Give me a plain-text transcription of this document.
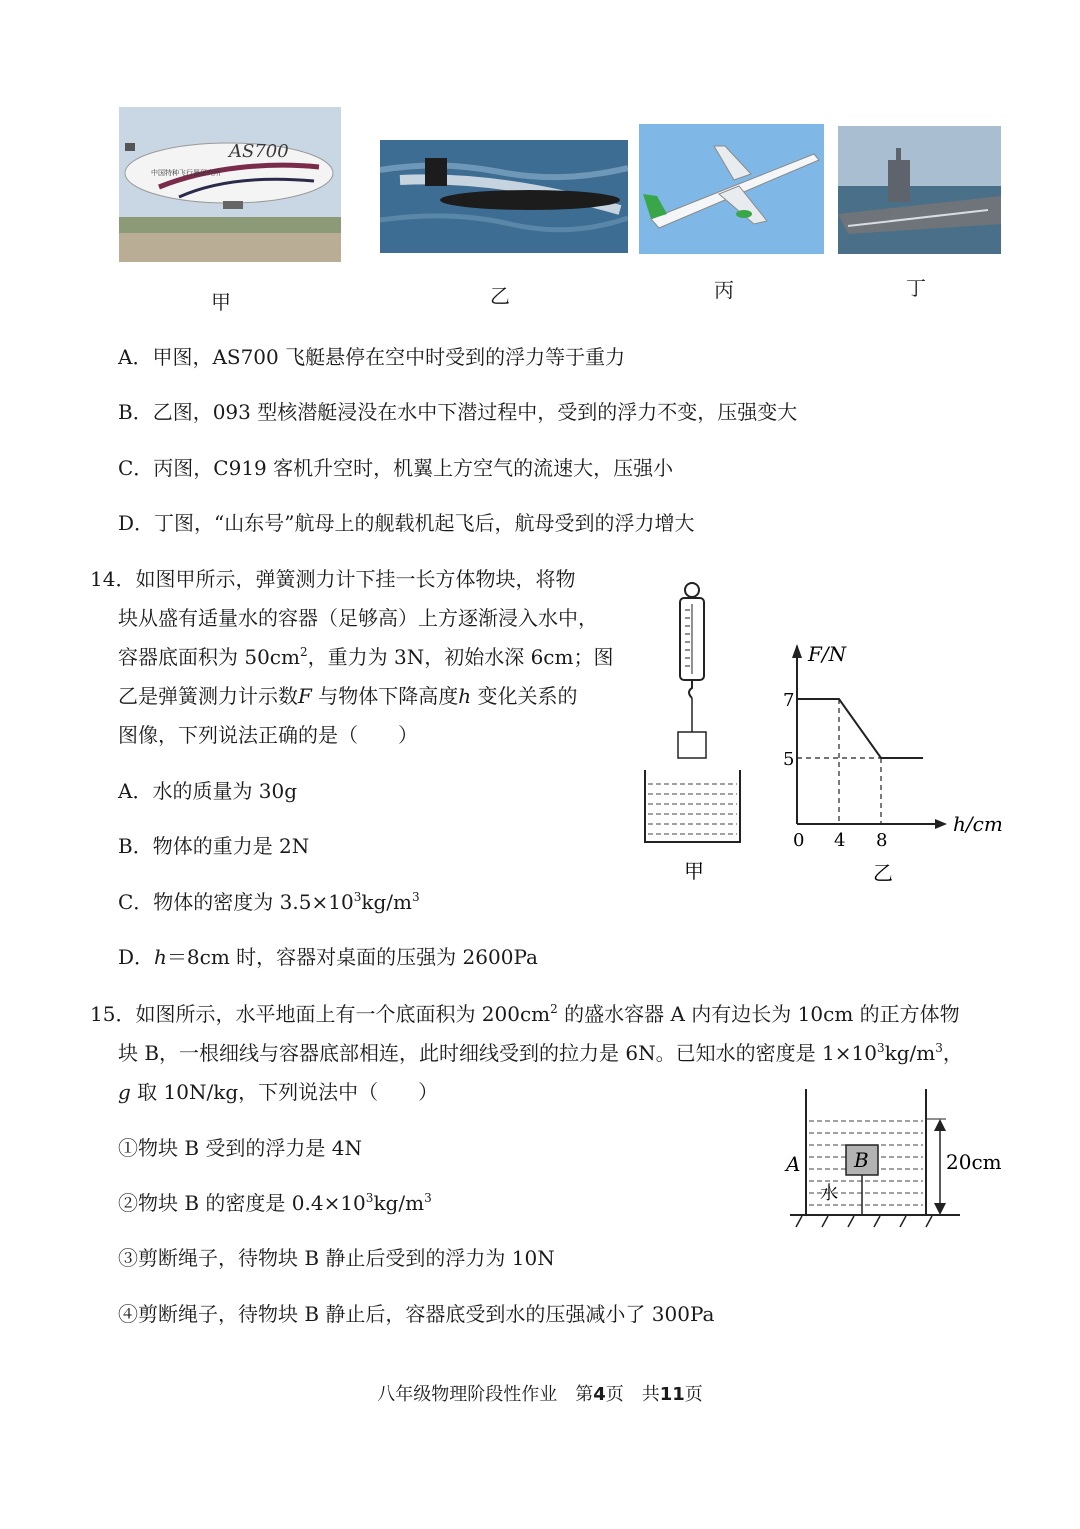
AS700
中国特种飞行器研究所
甲	乙	丙	丁
A．甲图，AS700 飞艇悬停在空中时受到的浮力等于重力
B．乙图，093 型核潜艇浸没在水中下潜过程中，受到的浮力不变，压强变大
C．丙图，C919 客机升空时，机翼上方空气的流速大，压强小
D．丁图，“山东号”航母上的舰载机起飞后，航母受到的浮力增大
14．如图甲所示，弹簧测力计下挂一长方体物块，将物
块从盛有适量水的容器（足够高）上方逐渐浸入水中，
容器底面积为 $50cm^2$，重力为 3N，初始水深 6cm；图
乙是弹簧测力计示数F 与物体下降高度h 变化关系的
图像，下列说法正确的是（　　）
A．水的质量为 30g
B．物体的重力是 2N
C．物体的密度为 $3.5\times 10^3kg/m^3$
D．h＝8cm 时，容器对桌面的压强为 2600Pa
甲
F/N
h/cm
0 4 8
5
7
乙
15．如图所示，水平地面上有一个底面积为 $200cm^2$ 的盛水容器 A 内有边长为 10cm 的正方体物
块 B，一根细线与容器底部相连，此时细线受到的拉力是 6N。已知水的密度是 $1\times 10^3kg/m^3$，
g 取 10N/kg，下列说法中（　　）
①物块 B 受到的浮力是 4N
②物块 B 的密度是 $0.4\times 10^3kg/m^3$
③剪断绳子，待物块 B 静止后受到的浮力为 10N
④剪断绳子，待物块 B 静止后，容器底受到水的压强减小了 300Pa
B
A
水
20cm
八年级物理阶段性作业　第4页　共11页
